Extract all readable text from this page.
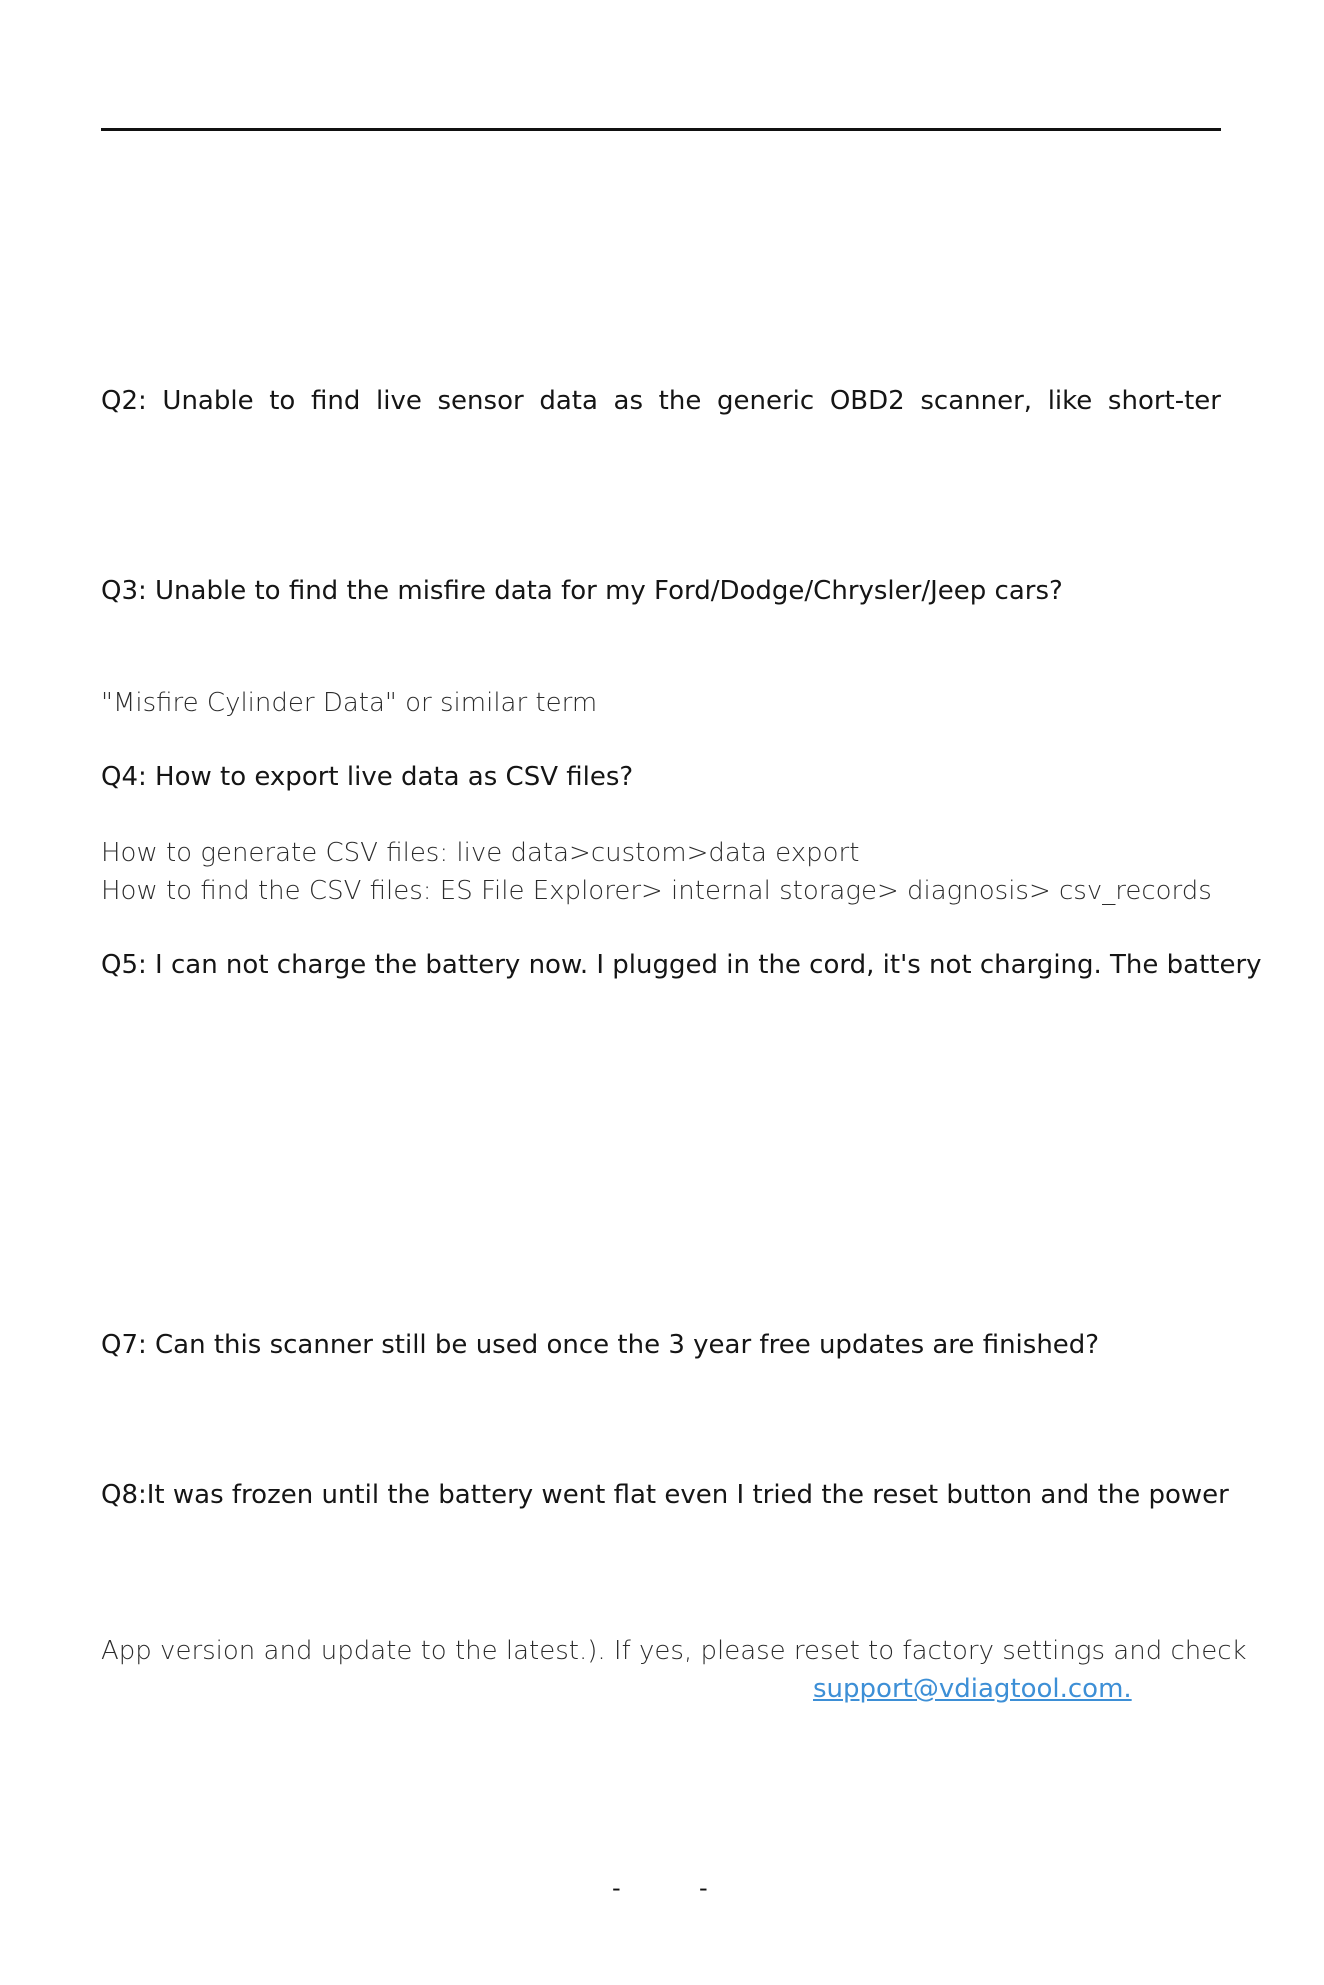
Q2: Unable to find live sensor data as the generic OBD2 scanner, like short-ter
Q3: Unable to find the misfire data for my Ford/Dodge/Chrysler/Jeep cars?
"Misfire Cylinder Data" or similar term
Q4: How to export live data as CSV files?
How to generate CSV files: live data>custom>data export
How to find the CSV files: ES File Explorer> internal storage> diagnosis> csv_records
Q5: I can not charge the battery now. I plugged in the cord, it's not charging. The battery
Q7: Can this scanner still be used once the 3 year free updates are finished?
Q8:It was frozen until the battery went flat even I tried the reset button and the power
App version and update to the latest.). If yes, please reset to factory settings and check
support@vdiagtool.com.
-	-
